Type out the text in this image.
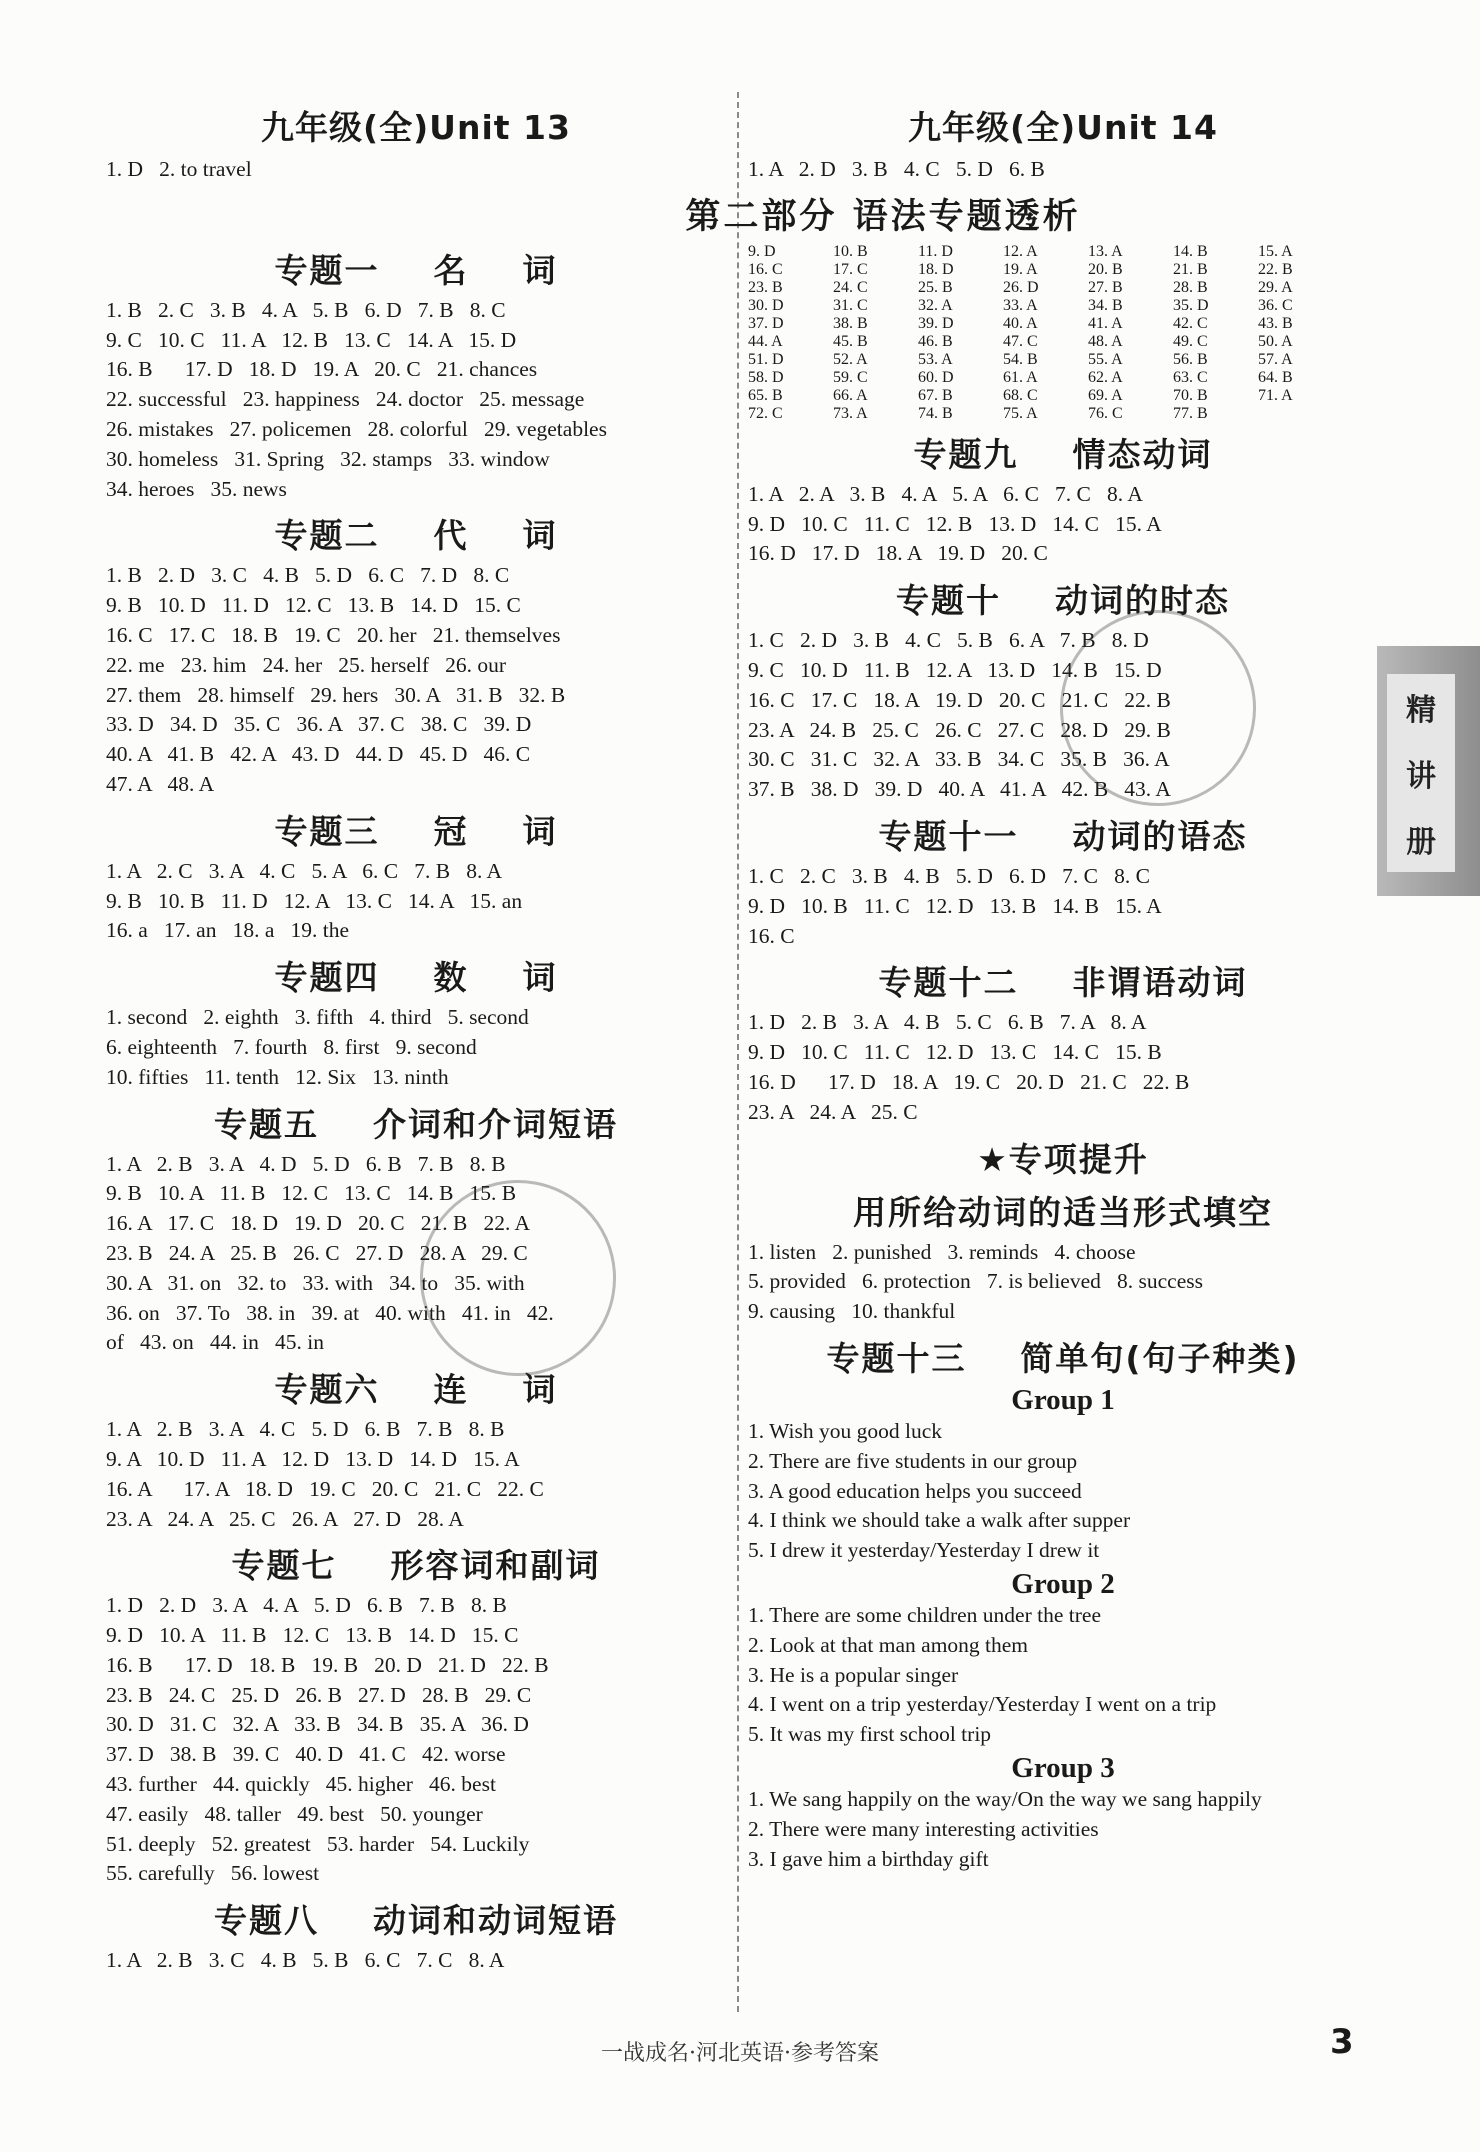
九年级(全)Unit 13
1. D   2. to travel
专题一    名    词
1. B   2. C   3. B   4. A   5. B   6. D   7. B   8. C
9. C   10. C   11. A   12. B   13. C   14. A   15. D
16. B      17. D   18. D   19. A   20. C   21. chances
22. successful   23. happiness   24. doctor   25. message
26. mistakes   27. policemen   28. colorful   29. vegetables
30. homeless   31. Spring   32. stamps   33. window
34. heroes   35. news
专题二    代    词
1. B   2. D   3. C   4. B   5. D   6. C   7. D   8. C
9. B   10. D   11. D   12. C   13. B   14. D   15. C
16. C   17. C   18. B   19. C   20. her   21. themselves
22. me   23. him   24. her   25. herself   26. our
27. them   28. himself   29. hers   30. A   31. B   32. B
33. D   34. D   35. C   36. A   37. C   38. C   39. D
40. A   41. B   42. A   43. D   44. D   45. D   46. C
47. A   48. A
专题三    冠    词
1. A   2. C   3. A   4. C   5. A   6. C   7. B   8. A
9. B   10. B   11. D   12. A   13. C   14. A   15. an
16. a   17. an   18. a   19. the
专题四    数    词
1. second   2. eighth   3. fifth   4. third   5. second
6. eighteenth   7. fourth   8. first   9. second
10. fifties   11. tenth   12. Six   13. ninth
专题五    介词和介词短语
1. A   2. B   3. A   4. D   5. D   6. B   7. B   8. B
9. B   10. A   11. B   12. C   13. C   14. B   15. B
16. A   17. C   18. D   19. D   20. C   21. B   22. A
23. B   24. A   25. B   26. C   27. D   28. A   29. C
30. A   31. on   32. to   33. with   34. to   35. with
36. on   37. To   38. in   39. at   40. with   41. in   42.
of   43. on   44. in   45. in
专题六    连    词
1. A   2. B   3. A   4. C   5. D   6. B   7. B   8. B
9. A   10. D   11. A   12. D   13. D   14. D   15. A
16. A      17. A   18. D   19. C   20. C   21. C   22. C
23. A   24. A   25. C   26. A   27. D   28. A
专题七    形容词和副词
1. D   2. D   3. A   4. A   5. D   6. B   7. B   8. B
9. D   10. A   11. B   12. C   13. B   14. D   15. C
16. B      17. D   18. B   19. B   20. D   21. D   22. B
23. B   24. C   25. D   26. B   27. D   28. B   29. C
30. D   31. C   32. A   33. B   34. B   35. A   36. D
37. D   38. B   39. C   40. D   41. C   42. worse
43. further   44. quickly   45. higher   46. best
47. easily   48. taller   49. best   50. younger
51. deeply   52. greatest   53. harder   54. Luckily
55. carefully   56. lowest
专题八    动词和动词短语
1. A   2. B   3. C   4. B   5. B   6. C   7. C   8. A
九年级(全)Unit 14
1. A   2. D   3. B   4. C   5. D   6. B
第二部分 语法专题透析
9. D	10. B	11. D	12. A	13. A	14. B	15. A
16. C	17. C	18. D	19. A	20. B	21. B	22. B
23. B	24. C	25. B	26. D	27. B	28. B	29. A
30. D	31. C	32. A	33. A	34. B	35. D	36. C
37. D	38. B	39. D	40. A	41. A	42. C	43. B
44. A	45. B	46. B	47. C	48. A	49. C	50. A
51. D	52. A	53. A	54. B	55. A	56. B	57. A
58. D	59. C	60. D	61. A	62. A	63. C	64. B
65. B	66. A	67. B	68. C	69. A	70. B	71. A
72. C	73. A	74. B	75. A	76. C	77. B
专题九    情态动词
1. A   2. A   3. B   4. A   5. A   6. C   7. C   8. A
9. D   10. C   11. C   12. B   13. D   14. C   15. A
16. D   17. D   18. A   19. D   20. C
专题十    动词的时态
1. C   2. D   3. B   4. C   5. B   6. A   7. B   8. D
9. C   10. D   11. B   12. A   13. D   14. B   15. D
16. C   17. C   18. A   19. D   20. C   21. C   22. B
23. A   24. B   25. C   26. C   27. C   28. D   29. B
30. C   31. C   32. A   33. B   34. C   35. B   36. A
37. B   38. D   39. D   40. A   41. A   42. B   43. A
专题十一    动词的语态
1. C   2. C   3. B   4. B   5. D   6. D   7. C   8. C
9. D   10. B   11. C   12. D   13. B   14. B   15. A
16. C
专题十二    非谓语动词
1. D   2. B   3. A   4. B   5. C   6. B   7. A   8. A
9. D   10. C   11. C   12. D   13. C   14. C   15. B
16. D      17. D   18. A   19. C   20. D   21. C   22. B
23. A   24. A   25. C
★专项提升
用所给动词的适当形式填空
1. listen   2. punished   3. reminds   4. choose
5. provided   6. protection   7. is believed   8. success
9. causing   10. thankful
专题十三    简单句(句子种类)
Group 1
1. Wish you good luck
2. There are five students in our group
3. A good education helps you succeed
4. I think we should take a walk after supper
5. I drew it yesterday/Yesterday I drew it
Group 2
1. There are some children under the tree
2. Look at that man among them
3. He is a popular singer
4. I went on a trip yesterday/Yesterday I went on a trip
5. It was my first school trip
Group 3
1. We sang happily on the way/On the way we sang happily
2. There were many interesting activities
3. I gave him a birthday gift
精
讲
册
一战成名·河北英语·参考答案	3
